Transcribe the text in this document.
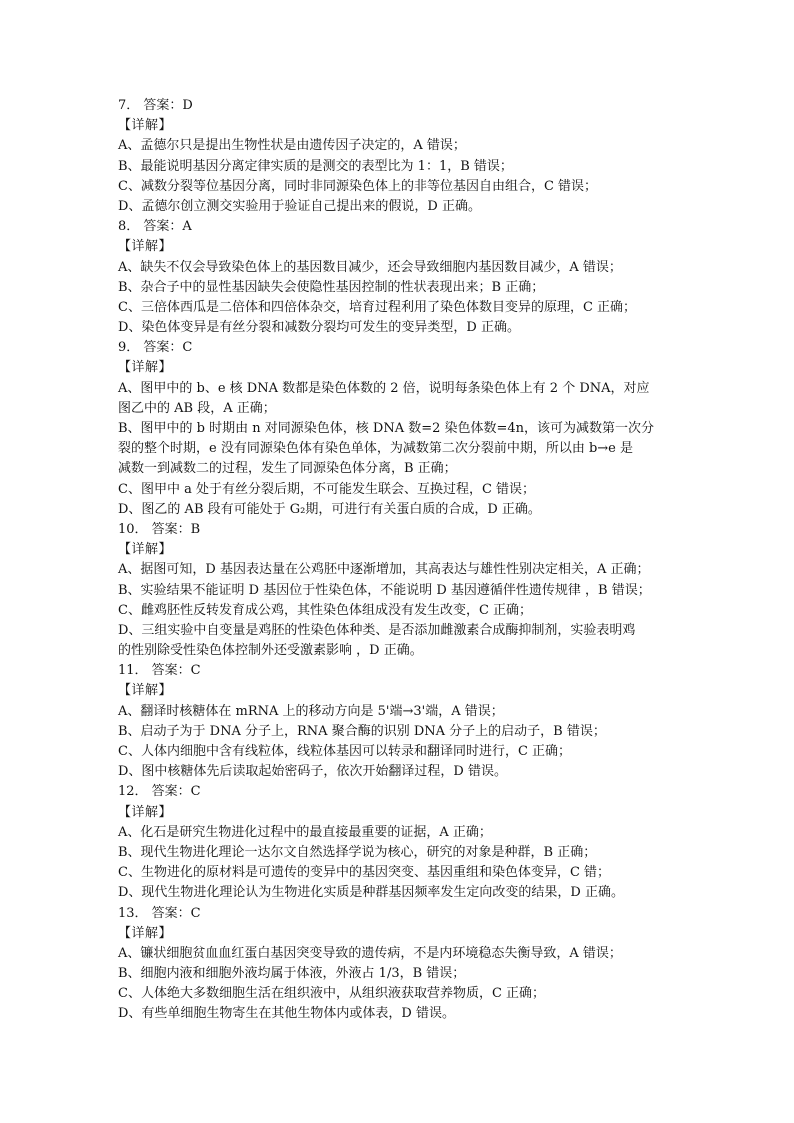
7． 答案：D
【详解】
A、孟德尔只是提出生物性状是由遗传因子决定的，A 错误；
B、最能说明基因分离定律实质的是测交的表型比为 1：1，B 错误；
C、减数分裂等位基因分离，同时非同源染色体上的非等位基因自由组合，C 错误；
D、孟德尔创立测交实验用于验证自己提出来的假说，D 正确。
8． 答案：A
【详解】
A、缺失不仅会导致染色体上的基因数目减少，还会导致细胞内基因数目减少，A 错误；
B、杂合子中的显性基因缺失会使隐性基因控制的性状表现出来；B 正确；
C、三倍体西瓜是二倍体和四倍体杂交，培育过程利用了染色体数目变异的原理，C 正确；
D、染色体变异是有丝分裂和减数分裂均可发生的变异类型，D 正确。
9． 答案：C
【详解】
A、图甲中的 b、e 核 DNA 数都是染色体数的 2 倍，说明每条染色体上有 2 个 DNA，对应
图乙中的 AB 段，A 正确；
B、图甲中的 b 时期由 n 对同源染色体，核 DNA 数=2 染色体数=4n，该可为减数第一次分
裂的整个时期，e 没有同源染色体有染色单体，为减数第二次分裂前中期，所以由 b→e 是
减数一到减数二的过程，发生了同源染色体分离，B 正确；
C、图甲中 a 处于有丝分裂后期，不可能发生联会、互换过程，C 错误；
D、图乙的 AB 段有可能处于 G₂期，可进行有关蛋白质的合成，D 正确。
10． 答案：B
【详解】
A、据图可知，D 基因表达量在公鸡胚中逐渐增加，其高表达与雄性性别决定相关，A 正确；
B、实验结果不能证明 D 基因位于性染色体，不能说明 D 基因遵循伴性遗传规律 ，B 错误；
C、雌鸡胚性反转发育成公鸡，其性染色体组成没有发生改变，C 正确；
D、三组实验中自变量是鸡胚的性染色体种类、是否添加雌激素合成酶抑制剂，实验表明鸡
的性别除受性染色体控制外还受激素影响 ，D 正确。
11． 答案：C
【详解】
A、翻译时核糖体在 mRNA 上的移动方向是 5'端→3'端，A 错误；
B、启动子为于 DNA 分子上，RNA 聚合酶的识别 DNA 分子上的启动子，B 错误；
C、人体内细胞中含有线粒体，线粒体基因可以转录和翻译同时进行，C 正确；
D、图中核糖体先后读取起始密码子，依次开始翻译过程，D 错误。
12． 答案：C
【详解】
A、化石是研究生物进化过程中的最直接最重要的证据，A 正确；
B、现代生物进化理论一达尔文自然选择学说为核心，研究的对象是种群，B 正确；
C、生物进化的原材料是可遗传的变异中的基因突变、基因重组和染色体变异，C 错；
D、现代生物进化理论认为生物进化实质是种群基因频率发生定向改变的结果，D 正确。
13． 答案：C
【详解】
A、镰状细胞贫血血红蛋白基因突变导致的遗传病，不是内环境稳态失衡导致，A 错误；
B、细胞内液和细胞外液均属于体液，外液占 1/3，B 错误；
C、人体绝大多数细胞生活在组织液中，从组织液获取营养物质，C 正确；
D、有些单细胞生物寄生在其他生物体内或体表，D 错误。
